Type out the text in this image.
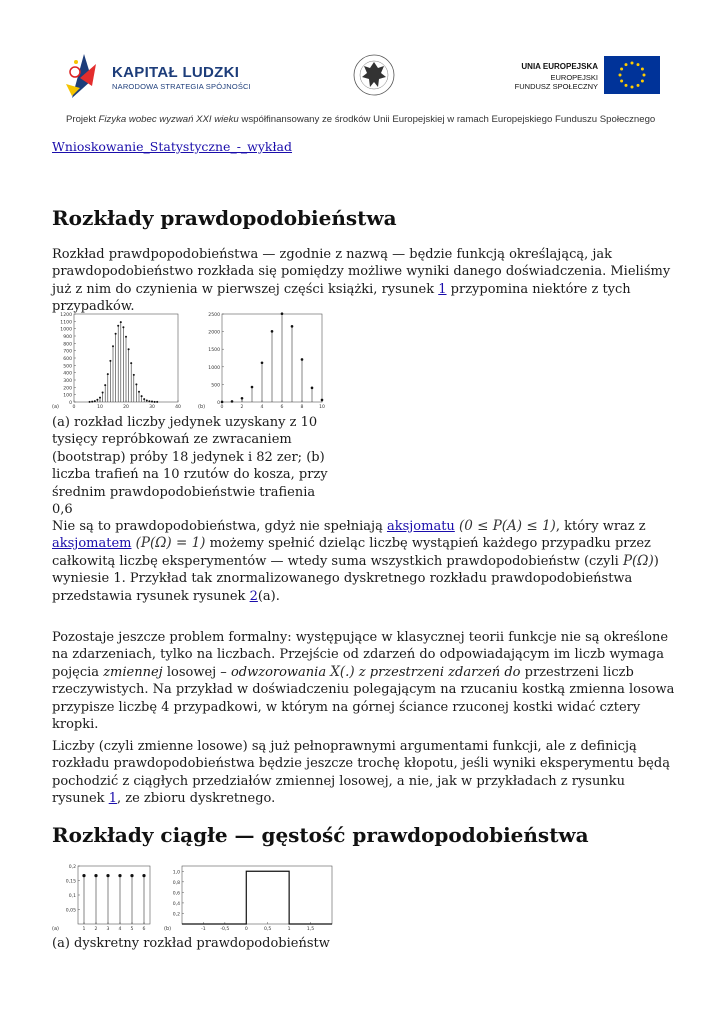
KAPITAŁ LUDZKI
NARODOWA STRATEGIA SPÓJNOŚCI
UNIA EUROPEJSKA
EUROPEJSKI
FUNDUSZ SPOŁECZNY
Projekt Fizyka wobec wyzwań XXI wieku współfinansowany ze środków Unii Europejskiej w ramach Europejskiego Funduszu Społecznego
Wnioskowanie_Statystyczne_-_wykład
Rozkłady prawdopodobieństwa

Rozkład prawdpopodobieństwa — zgodnie z nazwą — będzie funkcją określającą, jak prawdopodobieństwo rozkłada się pomiędzy możliwe wyniki danego doświadczenia. Mieliśmy już z nim do czynienia w pierwszej części książki, rysunek 1 przypomina niektóre z tych przypadków.

0
100
200
300
400
500
600
700
800
900
1000
1100
1200
0	10	20	30	40
(a)
0
500
1000
1500
2000
2500
0	2	4	6	8	10
(b)

(a) rozkład liczby jedynek uzyskany z 10 tysięcy repróbkowań ze zwracaniem (bootstrap) próby 18 jedynek i 82 zer; (b) liczba trafień na 10 rzutów do kosza, przy średnim prawdopodobieństwie trafienia 0,6

Nie są to prawdopodobieństwa, gdyż nie spełniają aksjomatu (0 ≤ P(A) ≤ 1), który wraz z aksjomatem (P(Ω) = 1) możemy spełnić dzieląc liczbę wystąpień każdego przypadku przez całkowitą liczbę eksperymentów — wtedy suma wszystkich prawdopodobieństw (czyli P(Ω)) wyniesie 1. Przykład tak znormalizowanego dyskretnego rozkładu prawdopodobieństwa przedstawia rysunek rysunek 2(a).

Pozostaje jeszcze problem formalny: występujące w klasycznej teorii funkcje nie są określone na zdarzeniach, tylko na liczbach. Przejście od zdarzeń do odpowiadającym im liczb wymaga pojęcia zmiennej losowej – odwzorowania X(.) z przestrzeni zdarzeń do przestrzeni liczb rzeczywistych. Na przykład w doświadczeniu polegającym na rzucaniu kostką zmienna losowa przypisze liczbę 4 przypadkowi, w którym na górnej ściance rzuconej kostki widać cztery kropki.

Liczby (czyli zmienne losowe) są już pełnoprawnymi argumentami funkcji, ale z definicją rozkładu prawdopodobieństwa będzie jeszcze trochę kłopotu, jeśli wyniki eksperymentu będą pochodzić z ciągłych przedziałów zmiennej losowej, a nie, jak w przykładach z rysunku rysunek 1, ze zbioru dyskretnego.

Rozkłady ciągłe — gęstość prawdopodobieństwa
0,05
0,1
0,15
0,2
1 2 3 4 5 6
(a)
0,2
0,4
0,6
0,8
1,0
-1	-0,5	0	0,5	1	1,5
(b)

(a) dyskretny rozkład prawdopodobieństw
